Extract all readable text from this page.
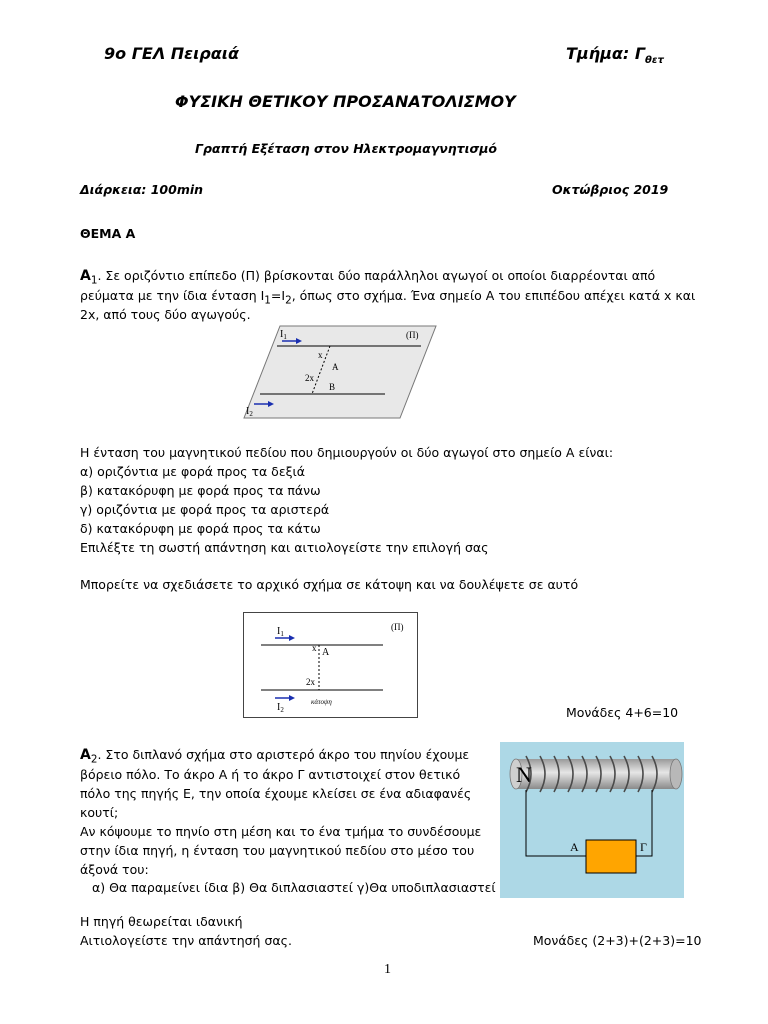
9ο ΓΕΛ Πειραιά	Τμήμα: $\Gamma_{\theta\varepsilon\tau}$
ΦΥΣΙΚΗ ΘΕΤΙΚΟΥ ΠΡΟΣΑΝΑΤΟΛΙΣΜΟΥ
Γραπτή Εξέταση στον Ηλεκτρομαγνητισμό
Διάρκεια: 100min	Οκτώβριος 2019
ΘΕΜΑ Α
$A_1$. Σε οριζόντιο επίπεδο (Π) βρίσκονται δύο παράλληλοι αγωγοί οι οποίοι διαρρέονται από
ρεύματα με την ίδια ένταση $I_1=I_2$, όπως στο σχήμα. Ένα σημείο Α του επιπέδου απέχει κατά x και
2x, από τους δύο αγωγούς.
$I_1$
$I_2$
(Π)
x
A
2x
B
Η ένταση του μαγνητικού πεδίου που δημιουργούν οι δύο αγωγοί στο σημείο Α είναι:
α) οριζόντια με φορά προς τα δεξιά
β) κατακόρυφη με φορά προς τα πάνω
γ) οριζόντια με φορά προς τα αριστερά
δ) κατακόρυφη με φορά προς τα κάτω
Επιλέξτε τη σωστή απάντηση και αιτιολογείστε την επιλογή σας
Μπορείτε να σχεδιάσετε το αρχικό σχήμα σε κάτοψη και να δουλέψετε σε αυτό
$I_1$
$I_2$
(Π)
x A
2x
κάτοψη
Μονάδες 4+6=10
$A_2$. Στο διπλανό σχήμα στο αριστερό άκρο του πηνίου έχουμε
βόρειο πόλο. Το άκρο Α ή το άκρο Γ αντιστοιχεί στον θετικό
πόλο της πηγής Ε, την οποία έχουμε κλείσει σε ένα αδιαφανές
κουτί;
Αν κόψουμε το πηνίο στη μέση και το ένα τμήμα το συνδέσουμε
στην ίδια πηγή, η ένταση του μαγνητικού πεδίου στο μέσο του
άξονά του:
α) Θα παραμείνει ίδια β) Θα διπλασιαστεί γ)Θα υποδιπλασιαστεί
N
A	Γ
Η πηγή θεωρείται ιδανική
Αιτιολογείστε την απάντησή σας.	Μονάδες (2+3)+(2+3)=10
1
